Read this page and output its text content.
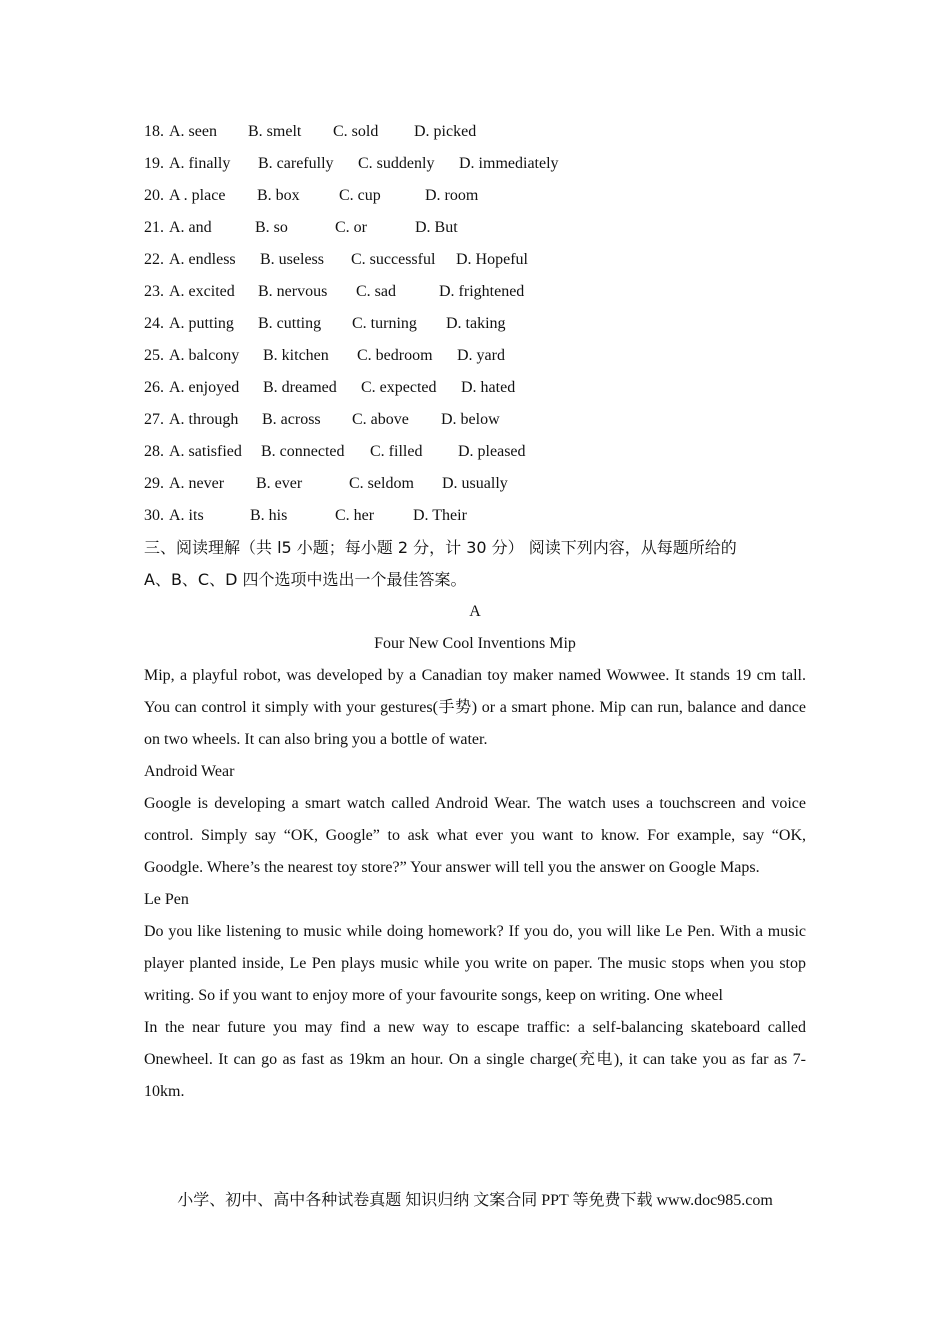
18. A. seen B. smelt C. sold D. picked
19. A. finally B. carefully C. suddenly D. immediately
20. A . place B. box C. cup	D. room
21. A. and	B. so	C. or	D. But
22. A. endless B. useless C. successful D. Hopeful
23. A. excited B. nervous C. sad	D. frightened
24. A. putting B. cutting C. turning D. taking
25. A. balcony B. kitchen C. bedroom D. yard
26. A. enjoyed B. dreamed C. expected D. hated
27. A. through B. across C. above D. below
28. A. satisfied B. connected C. filled D. pleased
29. A. never B. ever	C. seldom D. usually
30. A. its	B. his	C. her D. Their

三、阅读理解（共 l5 小题；每小题 2 分，计 30 分） 阅读下列内容，从每题所给的

A、B、C、D 四个选项中选出一个最佳答案。

A
Four New Cool Inventions Mip

Mip, a playful robot, was developed by a Canadian toy maker named Wowwee. It stands 19 cm tall. You can control it simply with your gestures(手势) or a smart phone. Mip can run, balance and dance on two wheels. It can also bring you a bottle of water.

Android Wear

Google is developing a smart watch called Android Wear. The watch uses a touchscreen and voice control. Simply say “OK, Google” to ask what ever you want to know. For example, say “OK, Goodgle. Where’s the nearest toy store?” Your answer will tell you the answer on Google Maps.

Le Pen

Do you like listening to music while doing homework? If you do, you will like Le Pen. With a music player planted inside, Le Pen plays music while you write on paper. The music stops when you stop writing. So if you want to enjoy more of your favourite songs, keep on writing. One wheel

In the near future you may find a new way to escape traffic: a self-balancing skateboard called Onewheel. It can go as fast as 19km an hour. On a single charge(充电), it can take you as far as 7-10km.

小学、初中、高中各种试卷真题 知识归纳 文案合同 PPT 等免费下载 www.doc985.com
